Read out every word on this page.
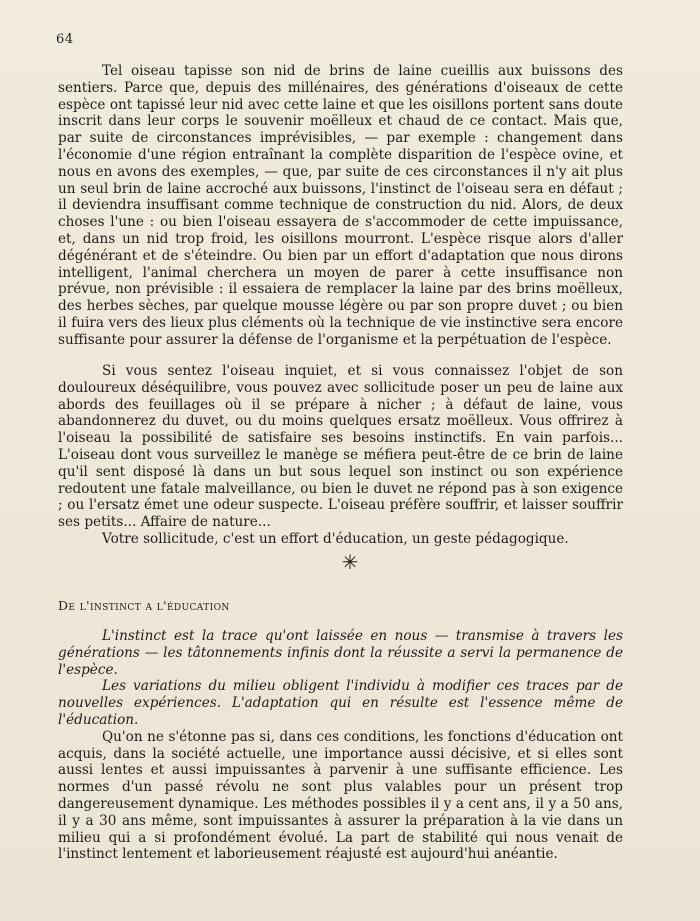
64

Tel oiseau tapisse son nid de brins de laine cueillis aux buissons des sentiers. Parce que, depuis des millénaires, des générations d'oiseaux de cette espèce ont tapissé leur nid avec cette laine et que les oisillons portent sans doute inscrit dans leur corps le souvenir moëlleux et chaud de ce contact. Mais que, par suite de circonstances imprévisibles, — par exemple : changement dans l'économie d'une région entraînant la complète disparition de l'espèce ovine, et nous en avons des exemples, — que, par suite de ces circonstances il n'y ait plus un seul brin de laine accroché aux buissons, l'instinct de l'oiseau sera en défaut ; il deviendra insuffisant comme technique de construction du nid. Alors, de deux choses l'une : ou bien l'oiseau essayera de s'accommoder de cette impuissance, et, dans un nid trop froid, les oisillons mourront. L'espèce risque alors d'aller dégénérant et de s'éteindre. Ou bien par un effort d'adaptation que nous dirons intelligent, l'animal cherchera un moyen de parer à cette insuffisance non prévue, non prévisible : il essaiera de remplacer la laine par des brins moëlleux, des herbes sèches, par quelque mousse légère ou par son propre duvet ; ou bien il fuira vers des lieux plus cléments où la technique de vie instinctive sera encore suffisante pour assurer la défense de l'organisme et la perpétuation de l'espèce.

Si vous sentez l'oiseau inquiet, et si vous connaissez l'objet de son douloureux déséquilibre, vous pouvez avec sollicitude poser un peu de laine aux abords des feuillages où il se prépare à nicher ; à défaut de laine, vous abandonnerez du duvet, ou du moins quelques ersatz moëlleux. Vous offrirez à l'oiseau la possibilité de satisfaire ses besoins instinctifs. En vain parfois... L'oiseau dont vous surveillez le manège se méfiera peut-être de ce brin de laine qu'il sent disposé là dans un but sous lequel son instinct ou son expérience redoutent une fatale malveillance, ou bien le duvet ne répond pas à son exigence ; ou l'ersatz émet une odeur suspecte. L'oiseau préfère souffrir, et laisser souffrir ses petits... Affaire de nature...

Votre sollicitude, c'est un effort d'éducation, un geste pédagogique.

✳
De l'instinct a l'éducation

L'instinct est la trace qu'ont laissée en nous — transmise à travers les générations — les tâtonnements infinis dont la réussite a servi la permanence de l'espèce.

Les variations du milieu obligent l'individu à modifier ces traces par de nouvelles expériences. L'adaptation qui en résulte est l'essence même de l'éducation.

Qu'on ne s'étonne pas si, dans ces conditions, les fonctions d'éducation ont acquis, dans la société actuelle, une importance aussi décisive, et si elles sont aussi lentes et aussi impuissantes à parvenir à une suffisante efficience. Les normes d'un passé révolu ne sont plus valables pour un présent trop dangereusement dynamique. Les méthodes possibles il y a cent ans, il y a 50 ans, il y a 30 ans même, sont impuissantes à assurer la préparation à la vie dans un milieu qui a si profondément évolué. La part de stabilité qui nous venait de l'instinct lentement et laborieusement réajusté est aujourd'hui anéantie.
